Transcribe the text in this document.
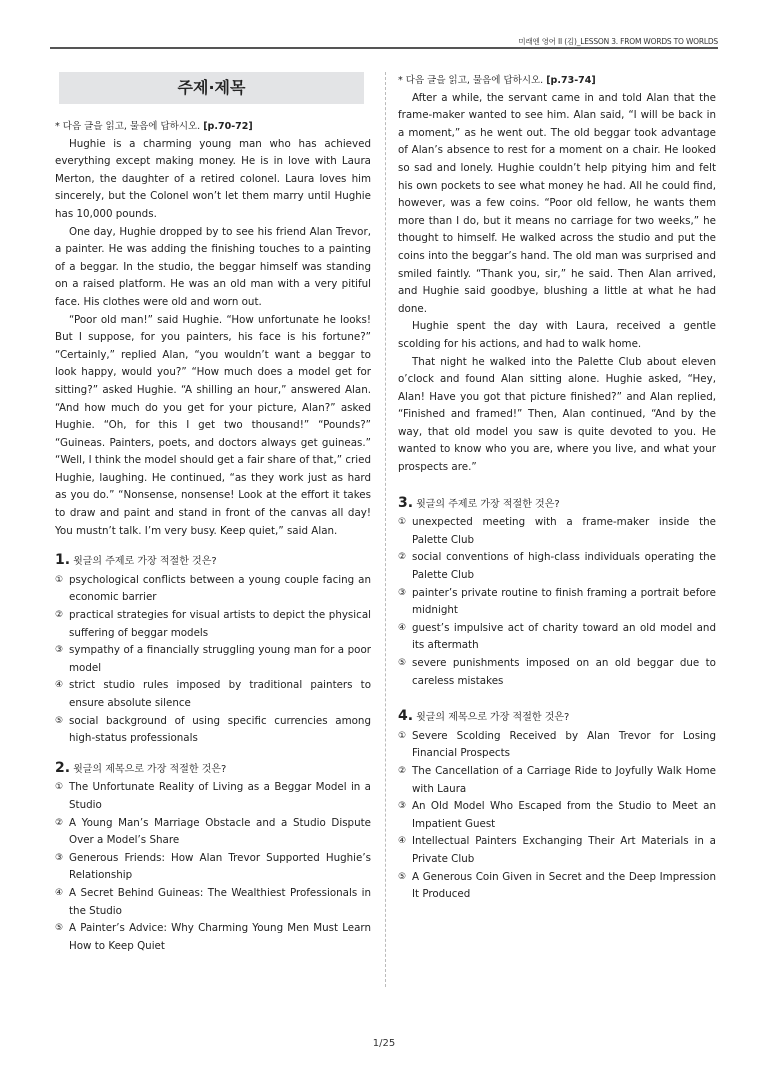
미래엔 영어 II (김)_LESSON 3. FROM WORDS TO WORLDS
주제·제목
* 다음 글을 읽고, 물음에 답하시오. [p.70-72]

Hughie is a charming young man who has achieved everything except making money. He is in love with Laura Merton, the daughter of a retired colonel. Laura loves him sincerely, but the Colonel won’t let them marry until Hughie has 10,000 pounds.

One day, Hughie dropped by to see his friend Alan Trevor, a painter. He was adding the finishing touches to a painting of a beggar. In the studio, the beggar himself was standing on a raised platform. He was an old man with a very pitiful face. His clothes were old and worn out.

“Poor old man!” said Hughie. “How unfortunate he looks! But I suppose, for you painters, his face is his fortune?” “Certainly,” replied Alan, “you wouldn’t want a beggar to look happy, would you?” “How much does a model get for sitting?” asked Hughie. “A shilling an hour,” answered Alan. “And how much do you get for your picture, Alan?” asked Hughie. “Oh, for this I get two thousand!” “Pounds?” “Guineas. Painters, poets, and doctors always get guineas.” “Well, I think the model should get a fair share of that,” cried Hughie, laughing. He continued, “as they work just as hard as you do.” “Nonsense, nonsense! Look at the effort it takes to draw and paint and stand in front of the canvas all day! You mustn’t talk. I’m very busy. Keep quiet,” said Alan.

1. 윗글의 주제로 가장 적절한 것은?
① psychological conflicts between a young couple facing an economic barrier
② practical strategies for visual artists to depict the physical suffering of beggar models
③ sympathy of a financially struggling young man for a poor model
④ strict studio rules imposed by traditional painters to ensure absolute silence
⑤ social background of using specific currencies among high-status professionals
2. 윗글의 제목으로 가장 적절한 것은?
① The Unfortunate Reality of Living as a Beggar Model in a Studio
② A Young Man’s Marriage Obstacle and a Studio Dispute Over a Model’s Share
③ Generous Friends: How Alan Trevor Supported Hughie’s Relationship
④ A Secret Behind Guineas: The Wealthiest Professionals in the Studio
⑤ A Painter’s Advice: Why Charming Young Men Must Learn How to Keep Quiet
* 다음 글을 읽고, 물음에 답하시오. [p.73-74]

After a while, the servant came in and told Alan that the frame-maker wanted to see him. Alan said, “I will be back in a moment,” as he went out. The old beggar took advantage of Alan’s absence to rest for a moment on a chair. He looked so sad and lonely. Hughie couldn’t help pitying him and felt his own pockets to see what money he had. All he could find, however, was a few coins. “Poor old fellow, he wants them more than I do, but it means no carriage for two weeks,” he thought to himself. He walked across the studio and put the coins into the beggar’s hand. The old man was surprised and smiled faintly. “Thank you, sir,” he said. Then Alan arrived, and Hughie said goodbye, blushing a little at what he had done.

Hughie spent the day with Laura, received a gentle scolding for his actions, and had to walk home.

That night he walked into the Palette Club about eleven o’clock and found Alan sitting alone. Hughie asked, “Hey, Alan! Have you got that picture finished?” and Alan replied, “Finished and framed!” Then, Alan continued, “And by the way, that old model you saw is quite devoted to you. He wanted to know who you are, where you live, and what your prospects are.”

3. 윗글의 주제로 가장 적절한 것은?
① unexpected meeting with a frame-maker inside the Palette Club
② social conventions of high-class individuals operating the Palette Club
③ painter’s private routine to finish framing a portrait before midnight
④ guest’s impulsive act of charity toward an old model and its aftermath
⑤ severe punishments imposed on an old beggar due to careless mistakes
4. 윗글의 제목으로 가장 적절한 것은?
① Severe Scolding Received by Alan Trevor for Losing Financial Prospects
② The Cancellation of a Carriage Ride to Joyfully Walk Home with Laura
③ An Old Model Who Escaped from the Studio to Meet an Impatient Guest
④ Intellectual Painters Exchanging Their Art Materials in a Private Club
⑤ A Generous Coin Given in Secret and the Deep Impression It Produced
1/25
